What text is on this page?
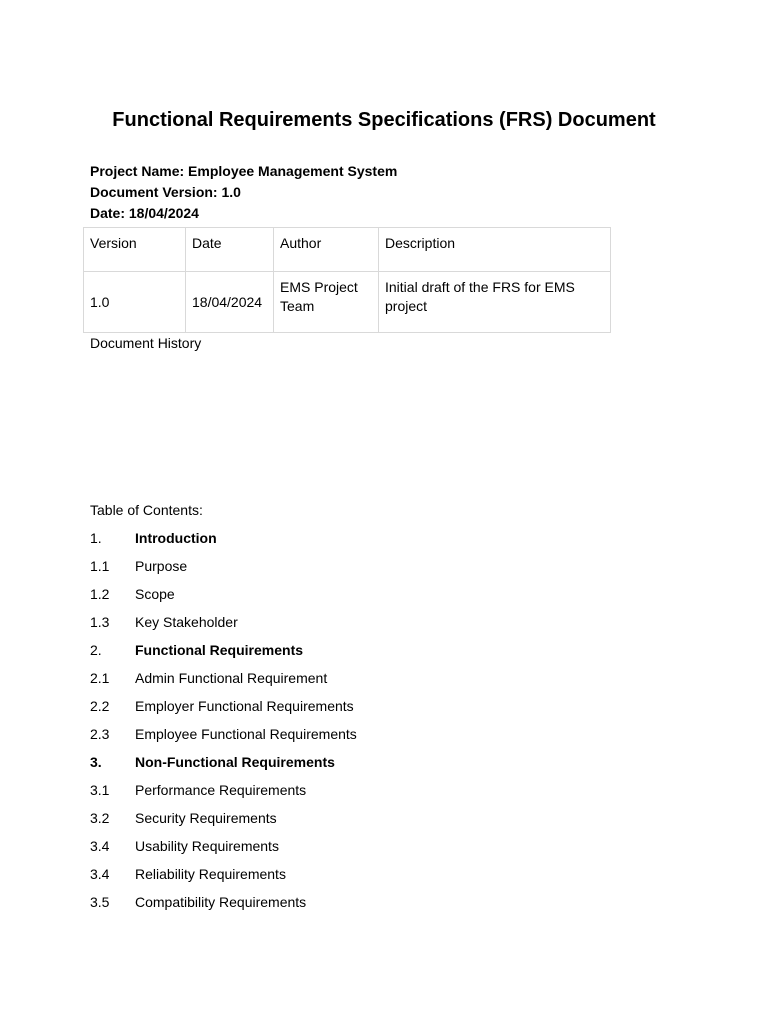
Functional Requirements Specifications (FRS) Document
Project Name: Employee Management System
Document Version: 1.0
Date: 18/04/2024
Version	Date	Author	Description
1.0	18/04/2024	EMS Project Team	Initial draft of the FRS for EMS project
Document History
Table of Contents:
1. Introduction
1.1 Purpose
1.2 Scope
1.3 Key Stakeholder
2. Functional Requirements
2.1 Admin Functional Requirement
2.2 Employer Functional Requirements
2.3 Employee Functional Requirements
3. Non-Functional Requirements
3.1 Performance Requirements
3.2 Security Requirements
3.4 Usability Requirements
3.4 Reliability Requirements
3.5 Compatibility Requirements
